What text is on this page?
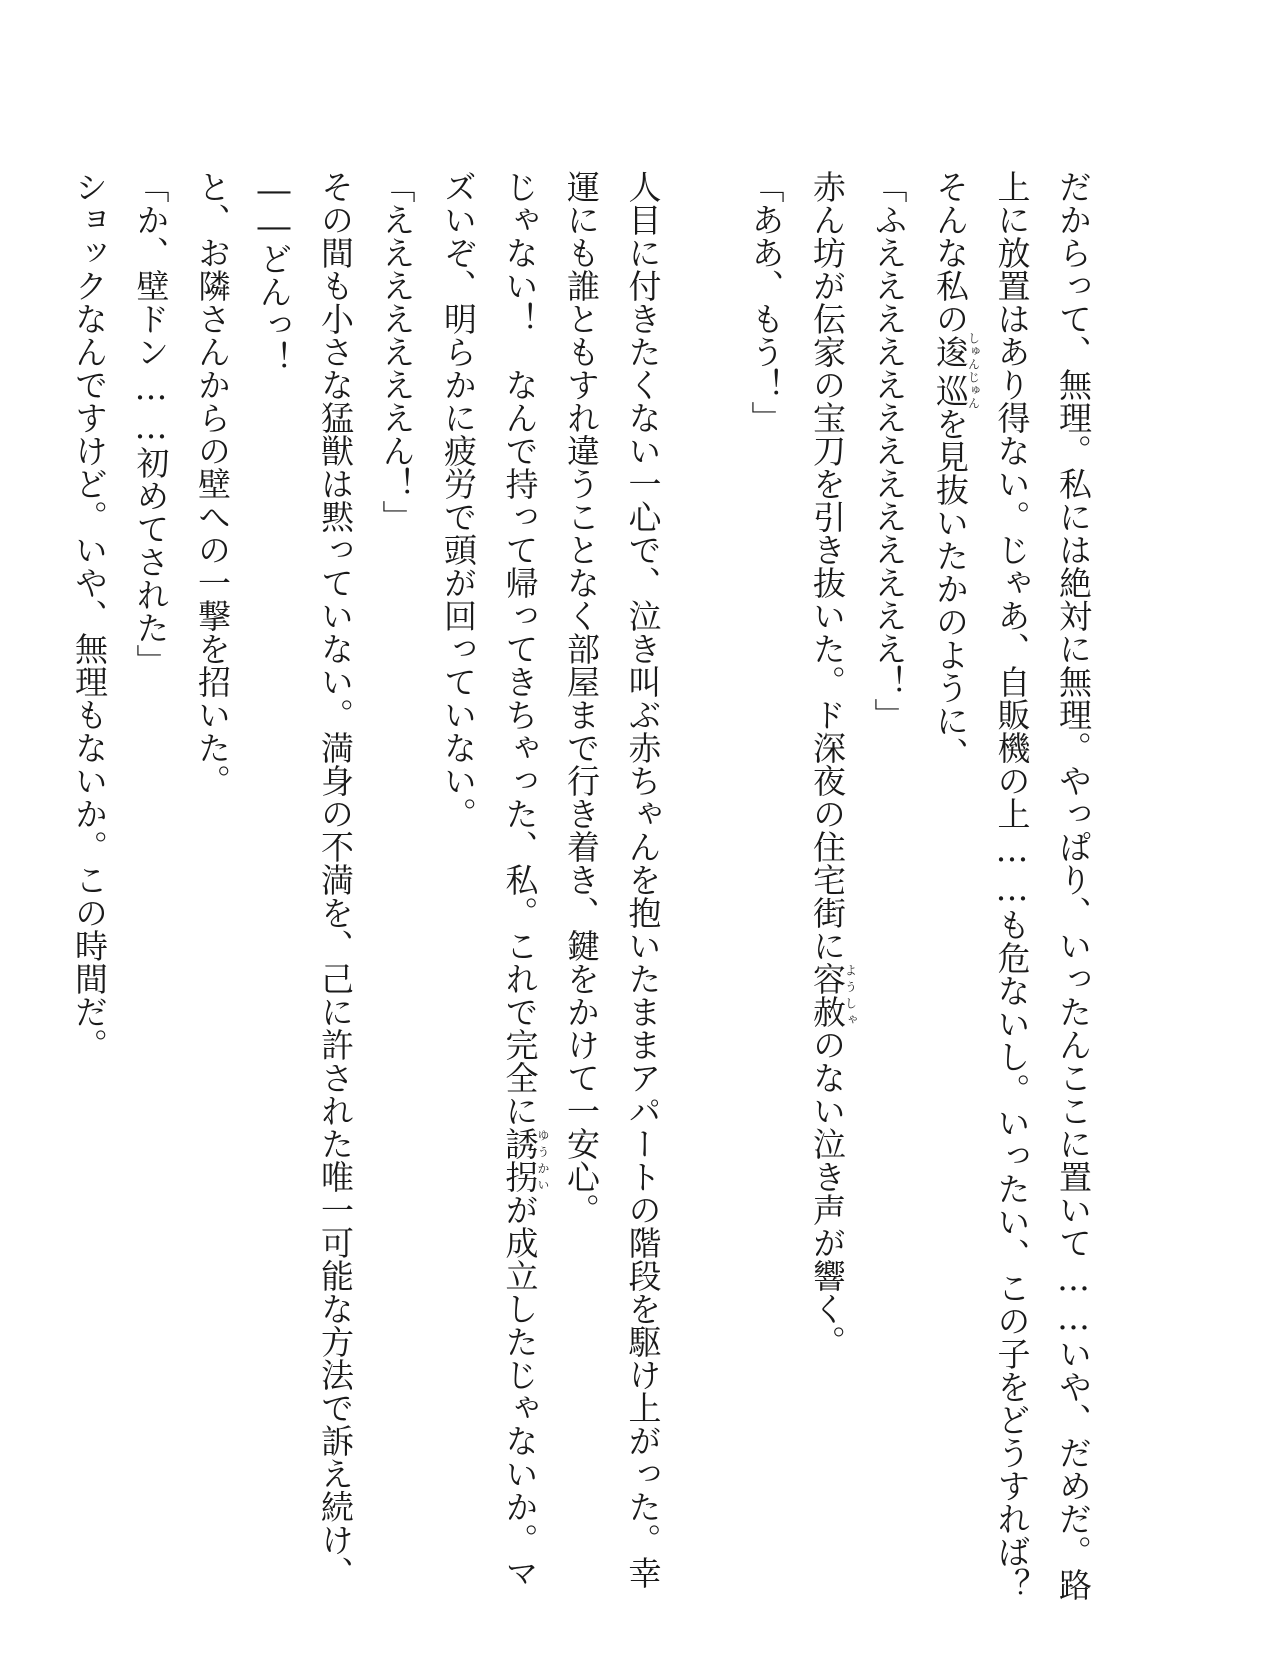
だからって、無理。私には絶対に無理。やっぱり、いったんここに置いて……いや、だめだ。路
上に放置はあり得ない。じゃあ、自販機の上……も危ないし。いったい、この子をどうすれば？
そんな私の逡巡しゅんじゅんを見抜いたかのように、
「ふえええええええええええええ！」
赤ん坊が伝家の宝刀を引き抜いた。ド深夜の住宅街に容赦ようしゃのない泣き声が響く。
「ああ、もう！」
人目に付きたくない一心で、泣き叫ぶ赤ちゃんを抱いたままアパートの階段を駆け上がった。幸
運にも誰ともすれ違うことなく部屋まで行き着き、鍵をかけて一安心。
じゃない！　なんで持って帰ってきちゃった、私。これで完全に誘拐ゆうかいが成立したじゃないか。マ
ズいぞ、明らかに疲労で頭が回っていない。
「えええええええん！」
その間も小さな猛獣は黙っていない。満身の不満を、己に許された唯一可能な方法で訴え続け、
――どんっ！
と、お隣さんからの壁への一撃を招いた。
「か、壁ドン……初めてされた」
ショックなんですけど。いや、無理もないか。この時間だ。
